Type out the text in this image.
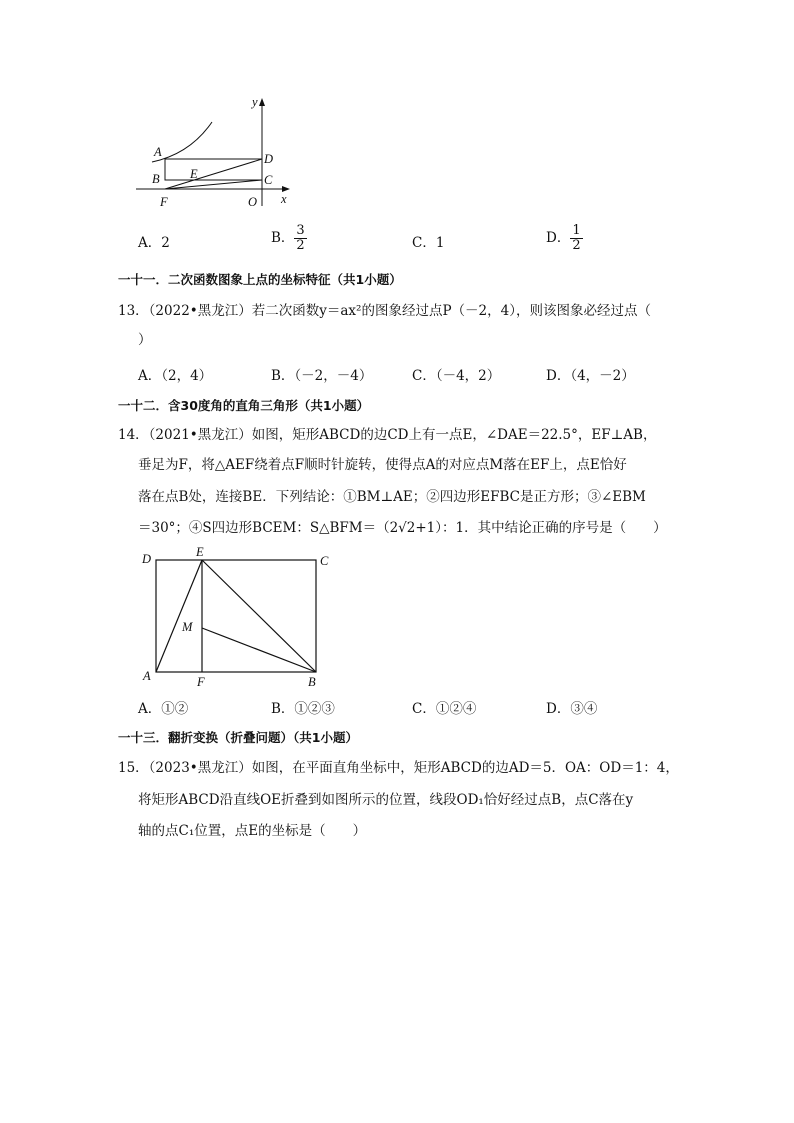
y
A	D
E
B	C
F	O x
A．2	B． $\frac{3}{2}$	C．1	D． $\frac{1}{2}$
一十一．二次函数图象上点的坐标特征（共1小题）
13．（2022•黑龙江）若二次函数y＝ax²的图象经过点P（－2，4），则该图象必经过点（
）
A．（2，4）	B．（－2，－4）	C．（－4，2）	D．（4，－2）
一十二．含30度角的直角三角形（共1小题）
14．（2021•黑龙江）如图，矩形ABCD的边CD上有一点E，∠DAE＝22.5°，EF⊥AB，
垂足为F，将△AEF绕着点F顺时针旋转，使得点A的对应点M落在EF上，点E恰好
落在点B处，连接BE．下列结论：①BM⊥AE；②四边形EFBC是正方形；③∠EBM
＝30°；④S四边形BCEM：S△BFM＝（2√2+1）：1．其中结论正确的序号是（　　）
D	E
C
M
A	F	B
A．①②	B．①②③	C．①②④	D．③④
一十三．翻折变换（折叠问题）（共1小题）
15．（2023•黑龙江）如图，在平面直角坐标中，矩形ABCD的边AD＝5．OA：OD＝1：4，
将矩形ABCD沿直线OE折叠到如图所示的位置，线段OD₁恰好经过点B，点C落在y
轴的点C₁位置，点E的坐标是（　　）
